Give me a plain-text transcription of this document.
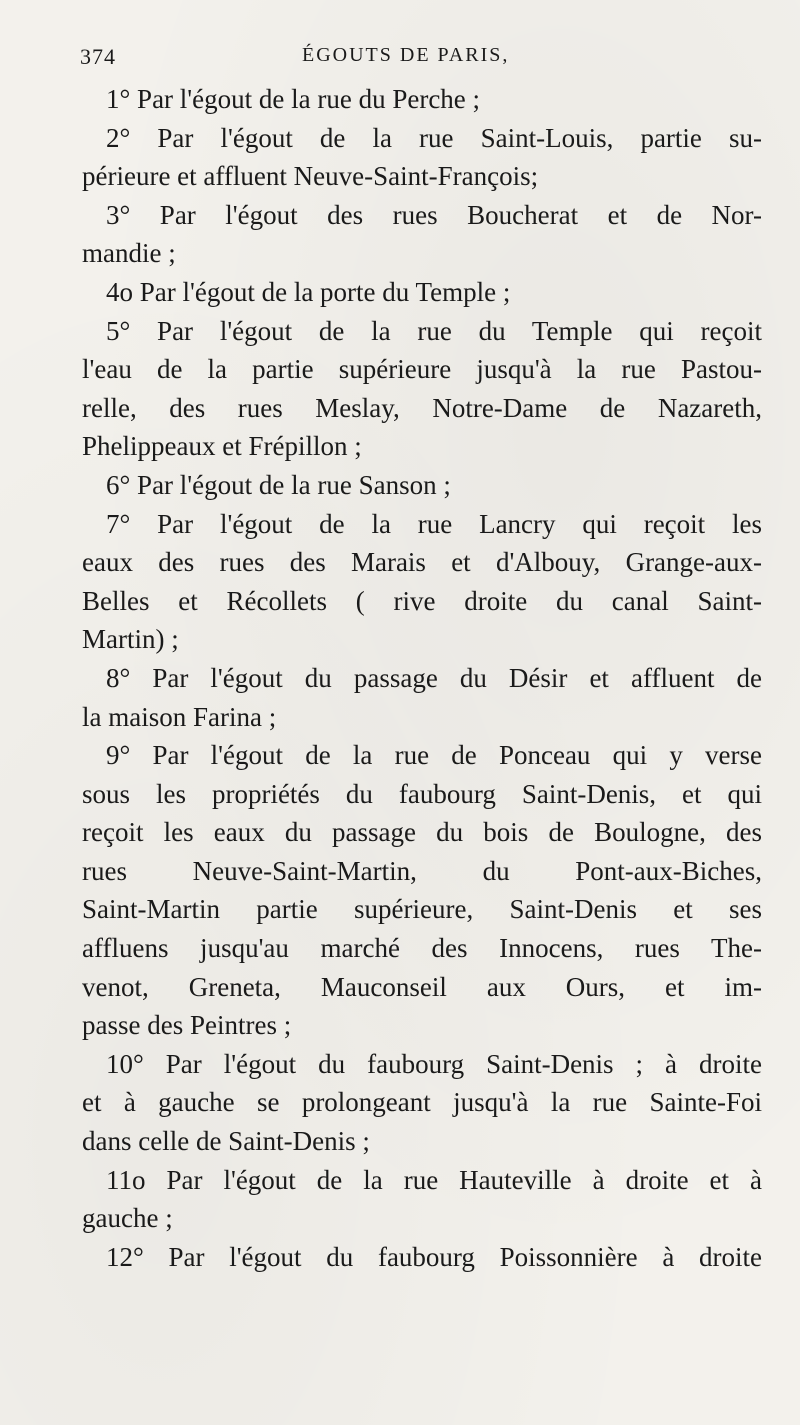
374	ÉGOUTS DE PARIS,
1° Par l'égout de la rue du Perche ;
2° Par l'égout de la rue Saint-Louis, partie su-
périeure et affluent Neuve-Saint-François;
3° Par l'égout des rues Boucherat et de Nor-
mandie ;
4o Par l'égout de la porte du Temple ;
5° Par l'égout de la rue du Temple qui reçoit
l'eau de la partie supérieure jusqu'à la rue Pastou-
relle, des rues Meslay, Notre-Dame de Nazareth,
Phelippeaux et Frépillon ;
6° Par l'égout de la rue Sanson ;
7° Par l'égout de la rue Lancry qui reçoit les
eaux des rues des Marais et d'Albouy, Grange-aux-
Belles et Récollets ( rive droite du canal Saint-
Martin) ;
8° Par l'égout du passage du Désir et affluent de
la maison Farina ;
9° Par l'égout de la rue de Ponceau qui y verse
sous les propriétés du faubourg Saint-Denis, et qui
reçoit les eaux du passage du bois de Boulogne, des
rues Neuve-Saint-Martin, du Pont-aux-Biches,
Saint-Martin partie supérieure, Saint-Denis et ses
affluens jusqu'au marché des Innocens, rues The-
venot, Greneta, Mauconseil aux Ours, et im-
passe des Peintres ;
10° Par l'égout du faubourg Saint-Denis ; à droite
et à gauche se prolongeant jusqu'à la rue Sainte-Foi
dans celle de Saint-Denis ;
11o Par l'égout de la rue Hauteville à droite et à
gauche ;
12° Par l'égout du faubourg Poissonnière à droite
